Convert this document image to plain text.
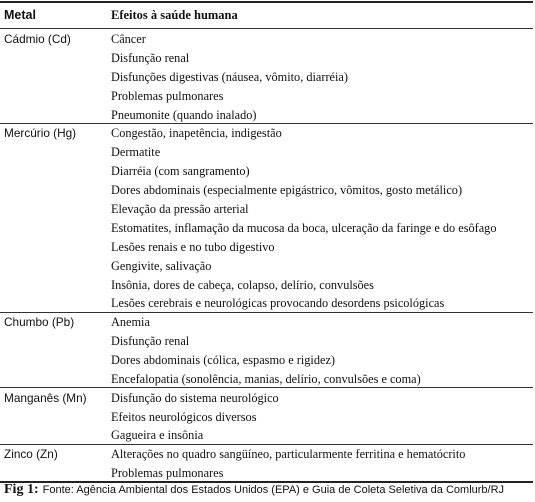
Metal	Efeitos à saúde humana
Cádmio (Cd)	Câncer
Disfunção renal
Disfunções digestivas (náusea, vômito, diarréia)
Problemas pulmonares
Pneumonite (quando inalado)
Mercúrio (Hg)	Congestão, inapetência, indigestão
Dermatite
Diarréia (com sangramento)
Dores abdominais (especialmente epigástrico, vômitos, gosto metálico)
Elevação da pressão arterial
Estomatites, inflamação da mucosa da boca, ulceração da faringe e do esôfago
Lesões renais e no tubo digestivo
Gengivite, salivação
Insônia, dores de cabeça, colapso, delírio, convulsões
Lesões cerebrais e neurológicas provocando desordens psicológicas
Chumbo (Pb)	Anemia
Disfunção renal
Dores abdominais (cólica, espasmo e rigidez)
Encefalopatia (sonolência, manias, delírio, convulsões e coma)
Manganês (Mn) Disfunção do sistema neurológico
Efeitos neurológicos diversos
Gagueira e insônia
Zinco (Zn)	Alterações no quadro sangüíneo, particularmente ferritina e hematócrito
Problemas pulmonares
Fig 1: Fonte: Agência Ambiental dos Estados Unidos (EPA) e Guia de Coleta Seletiva da Comlurb/RJ
